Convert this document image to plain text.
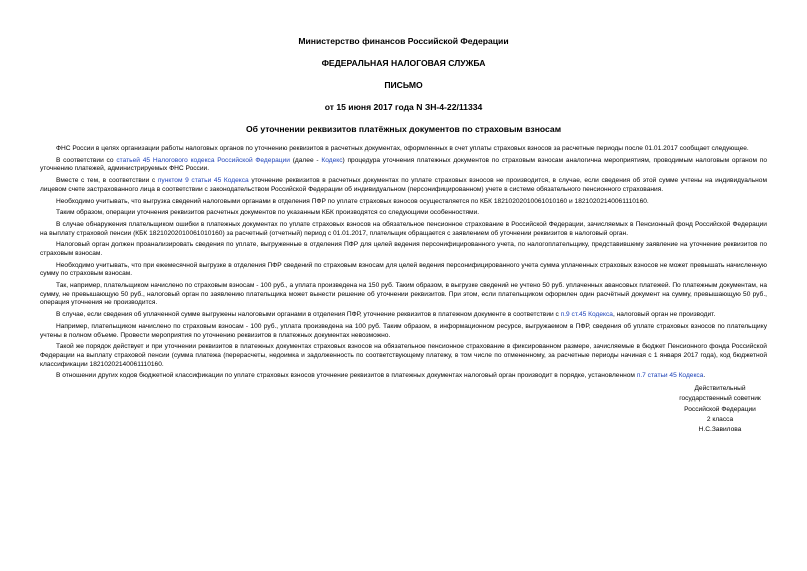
Министерство финансов Российской Федерации
ФЕДЕРАЛЬНАЯ НАЛОГОВАЯ СЛУЖБА
ПИСЬМО
от 15 июня 2017 года N ЗН-4-22/11334
Об уточнении реквизитов платёжных документов по страховым взносам

ФНС России в целях организации работы налоговых органов по уточнению реквизитов в расчетных документах, оформленных в счет уплаты страховых взносов за расчетные периоды после 01.01.2017 сообщает следующее.

В соответствии со статьей 45 Налогового кодекса Российской Федерации (далее - Кодекс) процедура уточнения платежных документов по страховым взносам аналогична мероприятиям, проводимым налоговым органом по уточнению платежей, администрируемых ФНС России.

Вместе с тем, в соответствии с пунктом 9 статьи 45 Кодекса уточнение реквизитов в расчетных документах по уплате страховых взносов не производится, в случае, если сведения об этой сумме учтены на индивидуальном лицевом счете застрахованного лица в соответствии с законодательством Российской Федерации об индивидуальном (персонифицированном) учете в системе обязательного пенсионного страхования.

Необходимо учитывать, что выгрузка сведений налоговыми органами в отделения ПФР по уплате страховых взносов осуществляется по КБК 18210202010061010160 и 18210202140061110160.

Таким образом, операции уточнения реквизитов расчетных документов по указанным КБК производятся со следующими особенностями.

В случае обнаружения плательщиком ошибки в платежных документах по уплате страховых взносов на обязательное пенсионное страхование в Российской Федерации, зачисляемых в Пенсионный фонд Российской Федерации на выплату страховой пенсии (КБК 18210202010061010160) за расчетный (отчетный) период с 01.01.2017, плательщик обращается с заявлением об уточнении реквизитов в налоговый орган.

Налоговый орган должен проанализировать сведения по уплате, выгруженные в отделения ПФР для целей ведения персонифицированного учета, по налогоплательщику, представившему заявление на уточнение реквизитов по страховым взносам.

Необходимо учитывать, что при ежемесячной выгрузке в отделения ПФР сведений по страховым взносам для целей ведения персонифицированного учета сумма уплаченных страховых взносов не может превышать начисленную сумму по страховым взносам.

Так, например, плательщиком начислено по страховым взносам - 100 руб., а уплата произведена на 150 руб. Таким образом, в выгрузке сведений не учтено 50 руб. уплаченных авансовых платежей. По платежным документам, на сумму, не превышающую 50 руб., налоговый орган по заявлению плательщика может вынести решение об уточнении реквизитов. При этом, если плательщиком оформлен один расчётный документ на сумму, превышающую 50 руб., операция уточнения не производится.

В случае, если сведения об уплаченной сумме выгружены налоговыми органами в отделения ПФР, уточнение реквизитов в платежном документе в соответствии с п.9 ст.45 Кодекса, налоговый орган не производит.

Например, плательщиком начислено по страховым взносам - 100 руб., уплата произведена на 100 руб. Таким образом, в информационном ресурсе, выгружаемом в ПФР, сведения об уплате страховых взносов по плательщику учтены в полном объеме. Провести мероприятия по уточнению реквизитов в платежных документах невозможно.

Такой же порядок действует и при уточнении реквизитов в платежных документах страховых взносов на обязательное пенсионное страхование в фиксированном размере, зачисляемые в бюджет Пенсионного фонда Российской Федерации на выплату страховой пенсии (сумма платежа (перерасчеты, недоимка и задолженность по соответствующему платежу, в том числе по отмененному, за расчетные периоды начиная с 1 января 2017 года), код бюджетной классификации 18210202140061110160.

В отношении других кодов бюджетной классификации по уплате страховых взносов уточнение реквизитов в платежных документах налоговый орган производит в порядке, установленном п.7 статьи 45 Кодекса.

Действительный
государственный советник
Российской Федерации
2 класса
Н.С.Завилова
